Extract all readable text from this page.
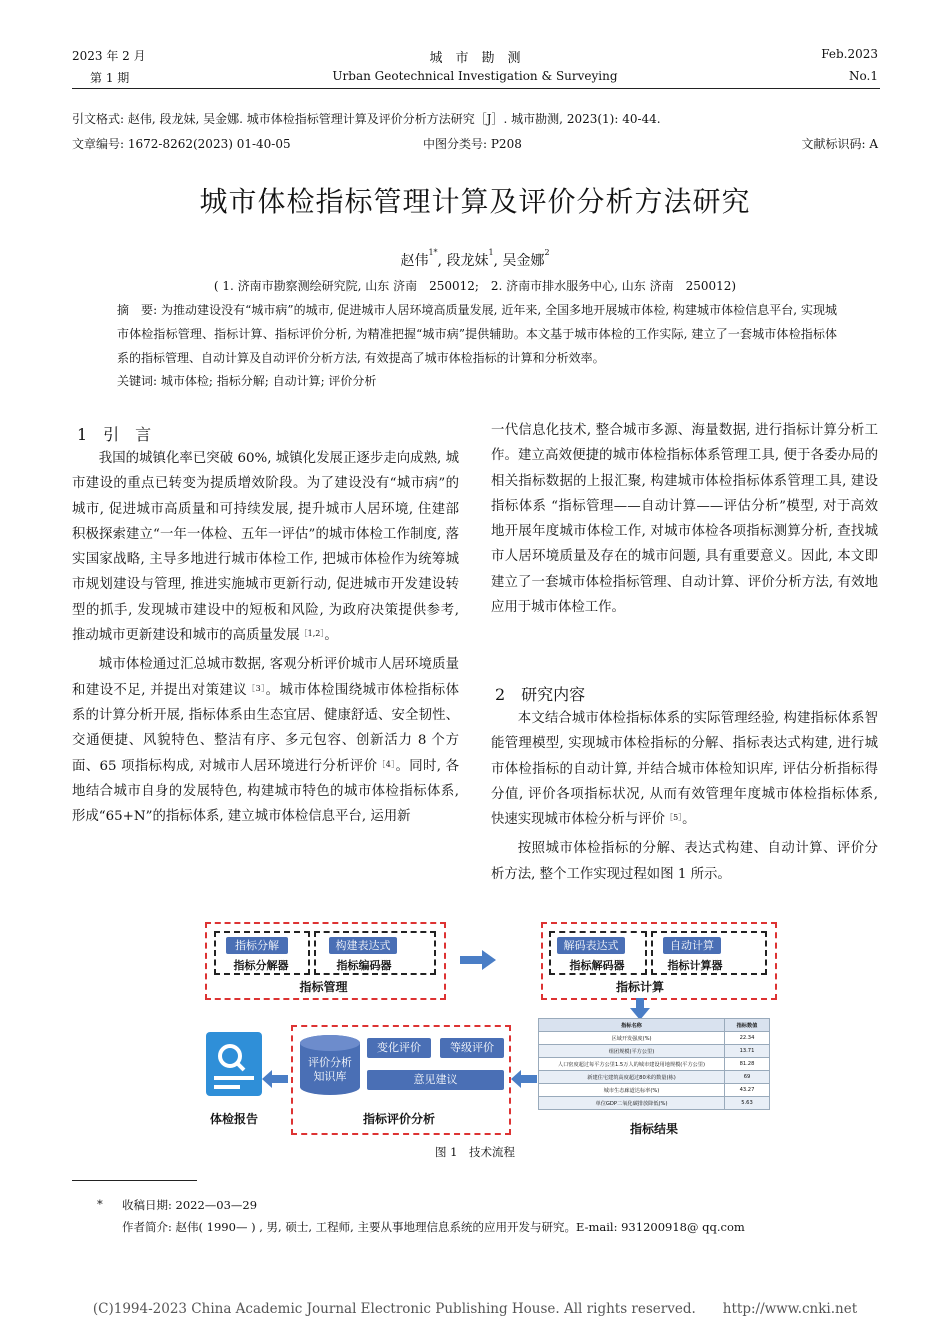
2023 年 2 月
第 1 期
城　市　勘　测
Urban Geotechnical Investigation & Surveying
Feb.2023
No.1
引文格式: 赵伟, 段龙妹, 吴金娜. 城市体检指标管理计算及评价分析方法研究［J］. 城市勘测, 2023(1): 40-44.
文章编号: 1672-8262(2023) 01-40-05	中图分类号: P208	文献标识码: A
城市体检指标管理计算及评价分析方法研究
赵伟$^{1*}$, 段龙妹$^1$, 吴金娜$^2$
( 1. 济南市勘察测绘研究院, 山东 济南　250012;　2. 济南市排水服务中心, 山东 济南　250012)
摘　要: 为推动建设没有“城市病”的城市, 促进城市人居环境高质量发展, 近年来, 全国多地开展城市体检, 构建城市体检信息平台, 实现城市体检指标管理、指标计算、指标评价分析, 为精准把握“城市病”提供辅助。本文基于城市体检的工作实际, 建立了一套城市体检指标体系的指标管理、自动计算及自动评价分析方法, 有效提高了城市体检指标的计算和分析效率。
关键词: 城市体检; 指标分解; 自动计算; 评价分析
1　引　言

我国的城镇化率已突破 60%, 城镇化发展正逐步走向成熟, 城市建设的重点已转变为提质增效阶段。为了建设没有“城市病”的城市, 促进城市高质量和可持续发展, 提升城市人居环境, 住建部积极探索建立“一年一体检、五年一评估”的城市体检工作制度, 落实国家战略, 主导多地进行城市体检工作, 把城市体检作为统筹城市规划建设与管理, 推进实施城市更新行动, 促进城市开发建设转型的抓手, 发现城市建设中的短板和风险, 为政府决策提供参考, 推动城市更新建设和城市的高质量发展$^{[1,2]}$。

城市体检通过汇总城市数据, 客观分析评价城市人居环境质量和建设不足, 并提出对策建议$^{[3]}$。城市体检围绕城市体检指标体系的计算分析开展, 指标体系由生态宜居、健康舒适、安全韧性、交通便捷、风貌特色、整洁有序、多元包容、创新活力 8 个方面、65 项指标构成, 对城市人居环境进行分析评价$^{[4]}$。同时, 各地结合城市自身的发展特色, 构建城市特色的城市体检指标体系, 形成“65+N”的指标体系, 建立城市体检信息平台, 运用新

一代信息化技术, 整合城市多源、海量数据, 进行指标计算分析工作。建立高效便捷的城市体检指标体系管理工具, 便于各委办局的相关指标数据的上报汇聚, 构建城市体检指标体系管理工具, 建设指标体系 “指标管理——自动计算——评估分析”模型, 对于高效地开展年度城市体检工作, 对城市体检各项指标测算分析, 查找城市人居环境质量及存在的城市问题, 具有重要意义。因此, 本文即建立了一套城市体检指标管理、自动计算、评价分析方法, 有效地应用于城市体检工作。

2　研究内容

本文结合城市体检指标体系的实际管理经验, 构建指标体系智能管理模型, 实现城市体检指标的分解、指标表达式构建, 进行城市体检指标的自动计算, 并结合城市体检知识库, 评估分析指标得分值, 评价各项指标状况, 从而有效管理年度城市体检指标体系, 快速实现城市体检分析与评价$^{[5]}$。

按照城市体检指标的分解、表达式构建、自动计算、评价分析方法, 整个工作实现过程如图 1 所示。

指标分解
指标分解器
构建表达式
指标编码器
指标管理
解码表达式
指标解码器
自动计算
指标计算器
指标计算
指标名称	指标数值
区域开发强度(%)	22.34
组团规模(平方公里)	13.71
人口密度超过每平方公里1.5万人的城市建设用地规模(平方公里)	81.28
新建住宅建筑高度超过80米的数量(栋)	69
城市生态廊道达标率(%)	43.27
单位GDP二氧化碳排放降低(%)	5.63
指标结果
评价分析
知识库
变化评价	等级评价
意见建议
指标评价分析
体检报告
图 1　技术流程
* 收稿日期: 2022—03—29
作者简介: 赵伟( 1990— ) , 男, 硕士, 工程师, 主要从事地理信息系统的应用开发与研究。E-mail: 931200918@ qq.com
(C)1994-2023 China Academic Journal Electronic Publishing House. All rights reserved.　　http://www.cnki.net
